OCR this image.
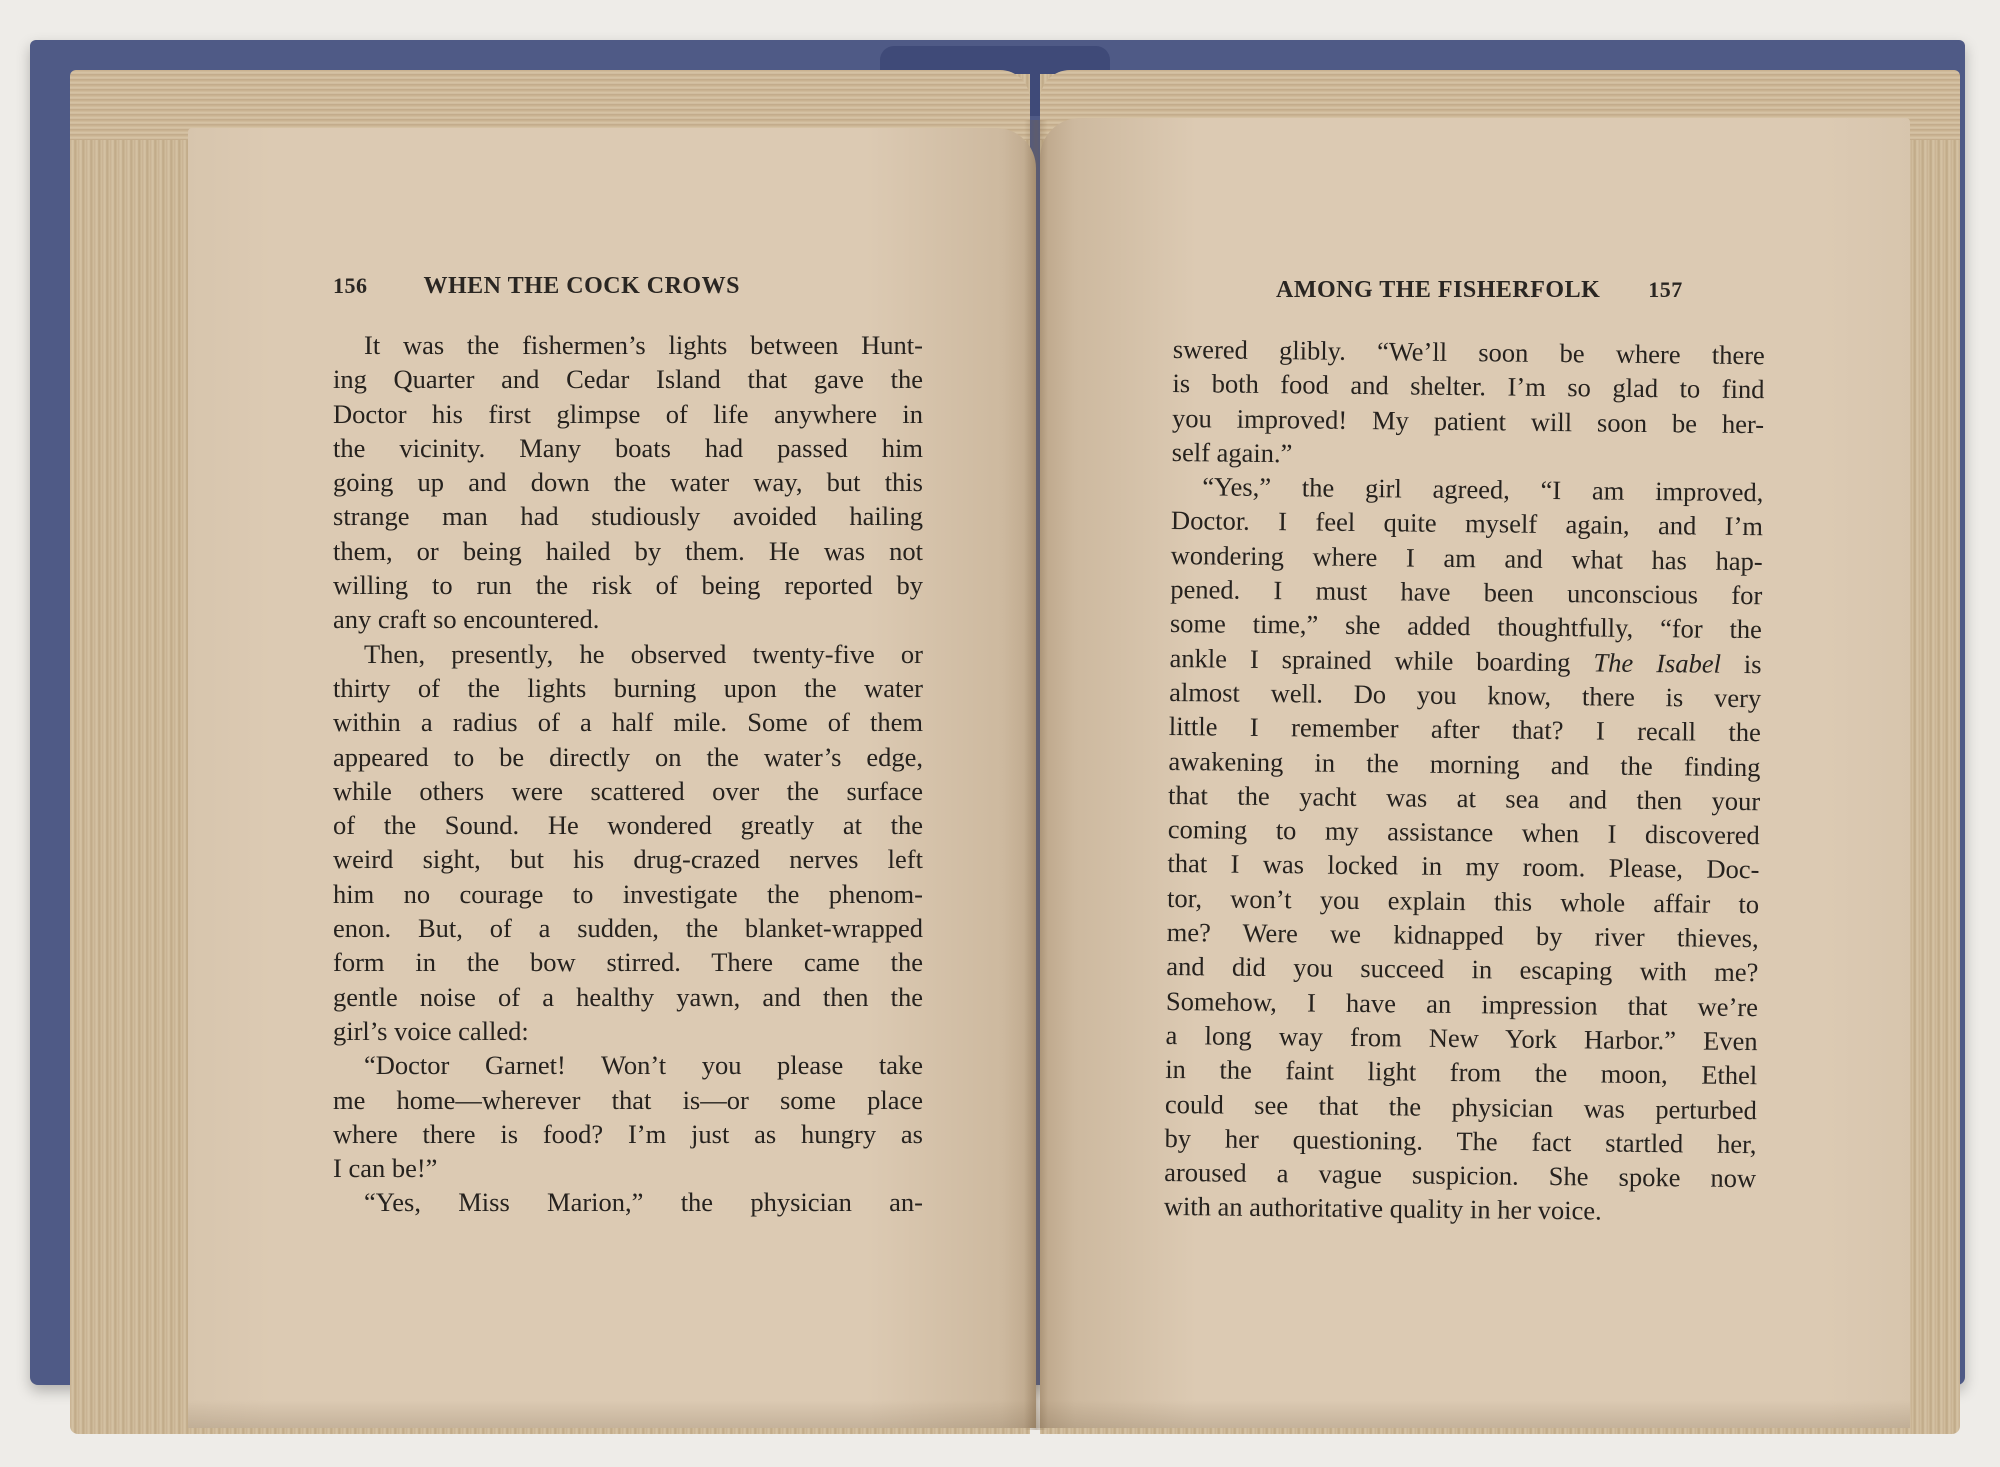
156 WHEN THE COCK CROWS	AMONG THE FISHERFOLK 157
It was the fishermen’s lights between Hunt-
ing Quarter and Cedar Island that gave the
Doctor his first glimpse of life anywhere in
the vicinity. Many boats had passed him
going up and down the water way, but this
strange man had studiously avoided hailing
them, or being hailed by them. He was not
willing to run the risk of being reported by
any craft so encountered.
Then, presently, he observed twenty-five or
thirty of the lights burning upon the water
within a radius of a half mile. Some of them
appeared to be directly on the water’s edge,
while others were scattered over the surface
of the Sound. He wondered greatly at the
weird sight, but his drug-crazed nerves left
him no courage to investigate the phenom-
enon. But, of a sudden, the blanket-wrapped
form in the bow stirred. There came the
gentle noise of a healthy yawn, and then the
girl’s voice called:
“Doctor Garnet! Won’t you please take
me home—wherever that is—or some place
where there is food? I’m just as hungry as
I can be!”
“Yes, Miss Marion,” the physician an-
swered glibly. “We’ll soon be where there
is both food and shelter. I’m so glad to find
you improved! My patient will soon be her-
self again.”
“Yes,” the girl agreed, “I am improved,
Doctor. I feel quite myself again, and I’m
wondering where I am and what has hap-
pened. I must have been unconscious for
some time,” she added thoughtfully, “for the
ankle I sprained while boarding The Isabel is
almost well. Do you know, there is very
little I remember after that? I recall the
awakening in the morning and the finding
that the yacht was at sea and then your
coming to my assistance when I discovered
that I was locked in my room. Please, Doc-
tor, won’t you explain this whole affair to
me? Were we kidnapped by river thieves,
and did you succeed in escaping with me?
Somehow, I have an impression that we’re
a long way from New York Harbor.” Even
in the faint light from the moon, Ethel
could see that the physician was perturbed
by her questioning. The fact startled her,
aroused a vague suspicion. She spoke now
with an authoritative quality in her voice.
